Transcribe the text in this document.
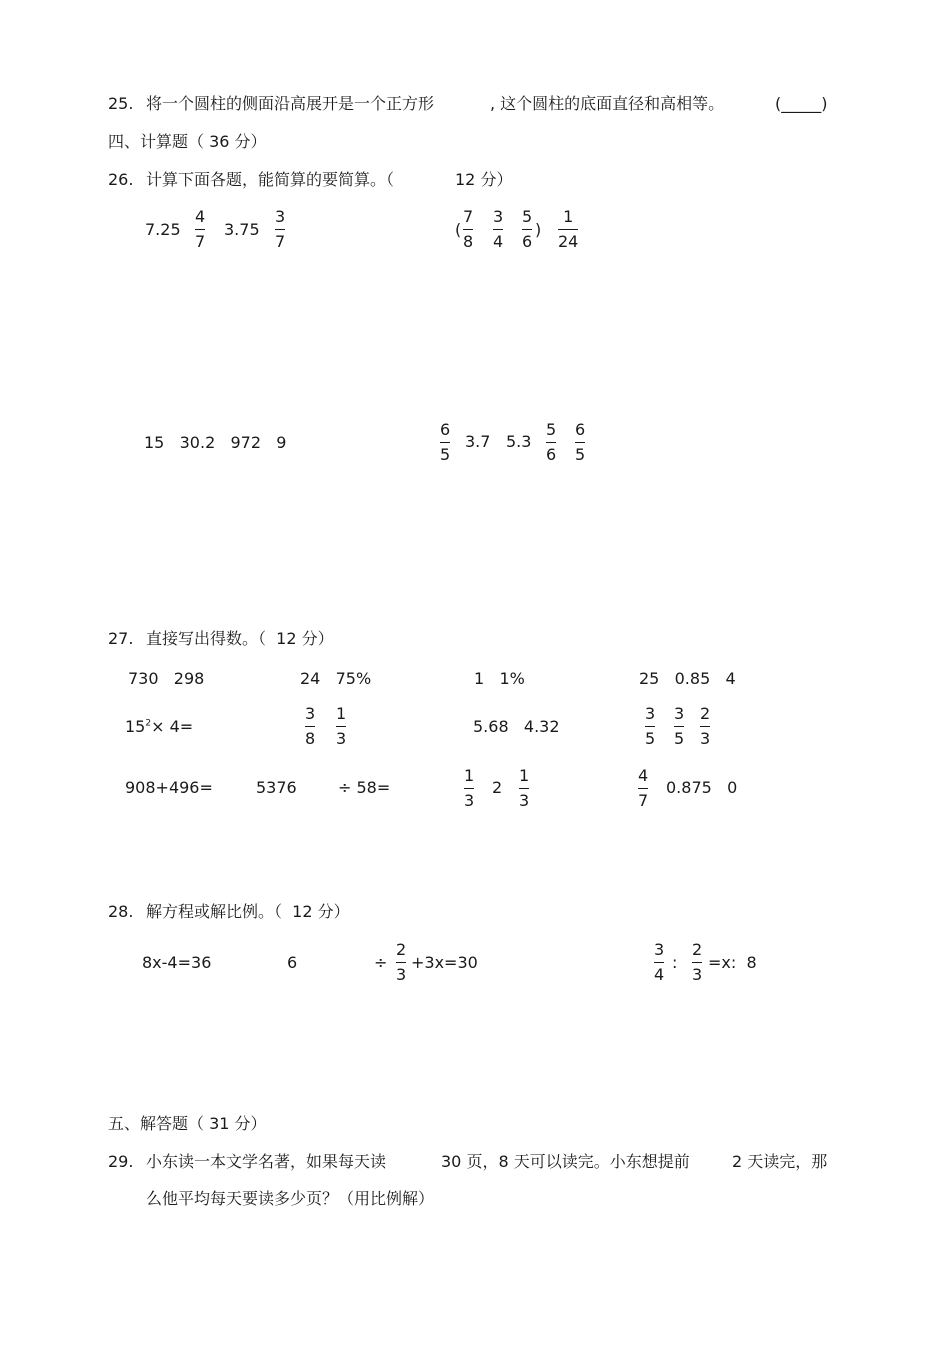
25. 将一个圆柱的侧面沿高展开是一个正方形	, 这个圆柱的底面直径和高相等。	(_____)
四、计算题（ 36 分）
26. 计算下面各题，能简算的要简算。（	12 分）
7.25
4
7
3.75
3
7
(
7
8
3
4
5
6
)
1
24
15   30.2   972   9
6
5
3.7 5.3
5
6
6
5
27. 直接写出得数。（  12 分）
730   298	24   75%	1   1%	25   0.85   4
$15^2\times 4=$
3
8
1
3
5.68   4.32
3
5
3
5
2
3
908+496=	5376	÷ 58=
1
3
2
1
3
4
7
0.875   0
28. 解方程或解比例。（  12 分）
8x-4=36	6	÷
2
3
+3x=30
3
4
:
2
3
=x:  8
五、解答题（ 31 分）
29. 小东读一本文学名著，如果每天读	30 页，8 天可以读完。小东想提前	2 天读完，那
么他平均每天要读多少页？（用比例解）
